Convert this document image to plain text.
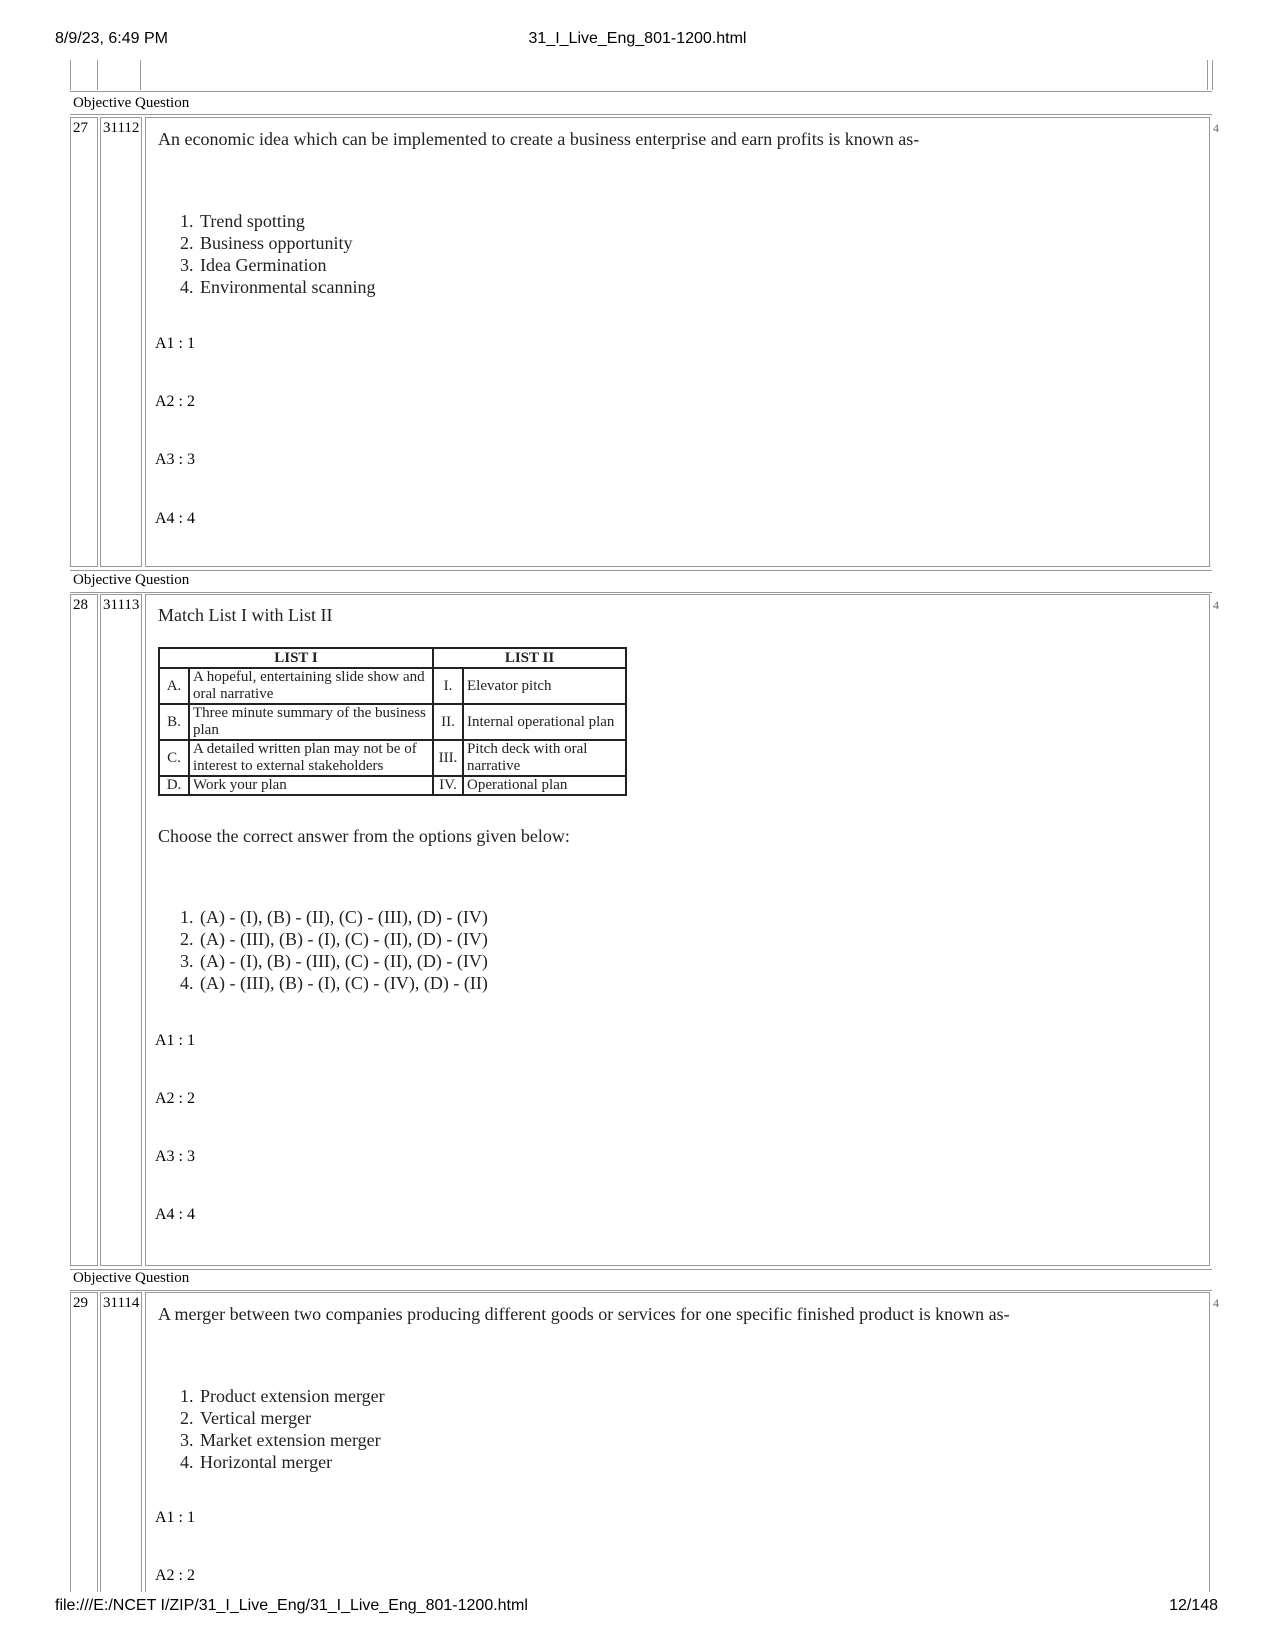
31_I_Live_Eng_801-1200.html
8/9/23, 6:49 PM
Objective Question
27 31112	4
An economic idea which can be implemented to create a business enterprise and earn profits is known as-
1. Trend spotting
2. Business opportunity
3. Idea Germination
4. Environmental scanning
A1 : 1
A2 : 2
A3 : 3
A4 : 4
Objective Question
28 31113	4
Match List I with List II
LIST I		LIST II	
A.	A hopeful, entertaining slide show and oral narrative	I.	Elevator pitch
B.	Three minute summary of the business plan	II.	Internal operational plan
C.	A detailed written plan may not be of interest to external stakeholders	III.	Pitch deck with oral narrative
D.	Work your plan	IV.	Operational plan
Choose the correct answer from the options given below:
1. (A) - (I), (B) - (II), (C) - (III), (D) - (IV)
2. (A) - (III), (B) - (I), (C) - (II), (D) - (IV)
3. (A) - (I), (B) - (III), (C) - (II), (D) - (IV)
4. (A) - (III), (B) - (I), (C) - (IV), (D) - (II)
A1 : 1
A2 : 2
A3 : 3
A4 : 4
Objective Question
29 31114	4
A merger between two companies producing different goods or services for one specific finished product is known as-
1. Product extension merger
2. Vertical merger
3. Market extension merger
4. Horizontal merger
A1 : 1
A2 : 2
file:///E:/NCET I/ZIP/31_I_Live_Eng/31_I_Live_Eng_801-1200.html	12/148
